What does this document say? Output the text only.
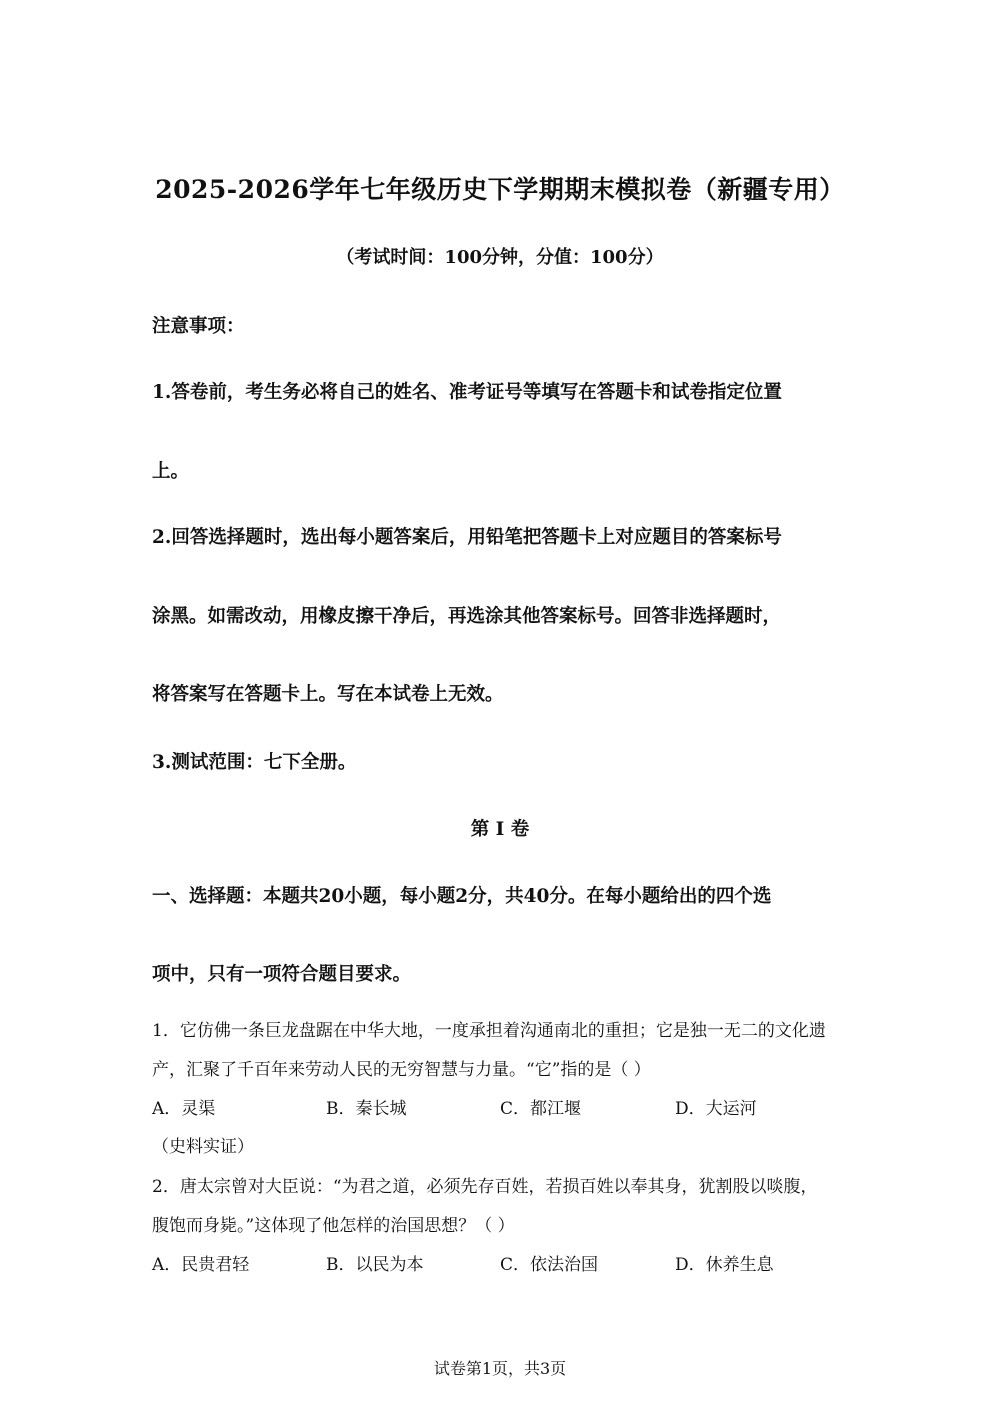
2025-2026学年七年级历史下学期期末模拟卷（新疆专用）
（考试时间：100分钟，分值：100分）
注意事项：
1.答卷前，考生务必将自己的姓名、准考证号等填写在答题卡和试卷指定位置
上。
2.回答选择题时，选出每小题答案后，用铅笔把答题卡上对应题目的答案标号
涂黑。如需改动，用橡皮擦干净后，再选涂其他答案标号。回答非选择题时，
将答案写在答题卡上。写在本试卷上无效。
3.测试范围：七下全册。
第 I 卷
一、选择题：本题共20小题，每小题2分，共40分。在每小题给出的四个选
项中，只有一项符合题目要求。
1．它仿佛一条巨龙盘踞在中华大地，一度承担着沟通南北的重担；它是独一无二的文化遗
产，汇聚了千百年来劳动人民的无穷智慧与力量。“它”指的是（ ）
A．灵渠	B．秦长城	C．都江堰	D．大运河
（史料实证）
2．唐太宗曾对大臣说：“为君之道，必须先存百姓，若损百姓以奉其身，犹割股以啖腹，
腹饱而身毙。”这体现了他怎样的治国思想？（ ）
A．民贵君轻	B．以民为本	C．依法治国	D．休养生息
试卷第1页，共3页
